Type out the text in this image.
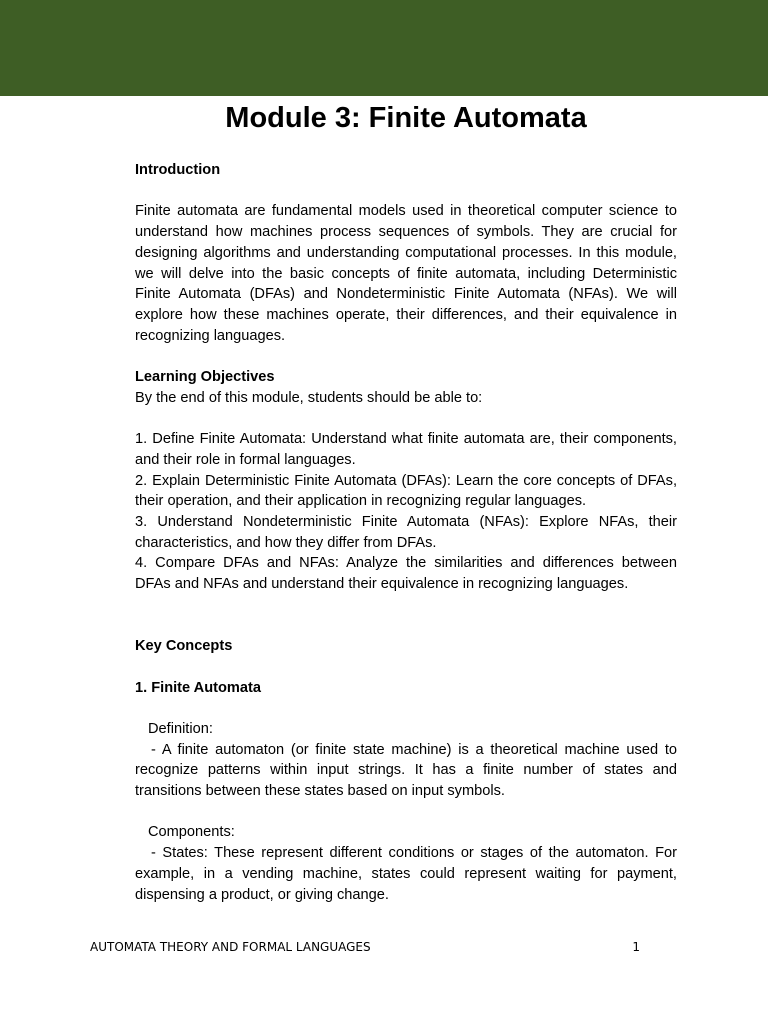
Module 3: Finite Automata

Introduction

Finite automata are fundamental models used in theoretical computer science to understand how machines process sequences of symbols. They are crucial for designing algorithms and understanding computational processes. In this module, we will delve into the basic concepts of finite automata, including Deterministic Finite Automata (DFAs) and Nondeterministic Finite Automata (NFAs). We will explore how these machines operate, their differences, and their equivalence in recognizing languages.

Learning Objectives

By the end of this module, students should be able to:

1. Define Finite Automata: Understand what finite automata are, their components, and their role in formal languages.

2. Explain Deterministic Finite Automata (DFAs): Learn the core concepts of DFAs, their operation, and their application in recognizing regular languages.

3. Understand Nondeterministic Finite Automata (NFAs): Explore NFAs, their characteristics, and how they differ from DFAs.

4. Compare DFAs and NFAs: Analyze the similarities and differences between DFAs and NFAs and understand their equivalence in recognizing languages.

Key Concepts

1. Finite Automata

Definition:

- A finite automaton (or finite state machine) is a theoretical machine used to recognize patterns within input strings. It has a finite number of states and transitions between these states based on input symbols.

Components:

- States: These represent different conditions or stages of the automaton. For example, in a vending machine, states could represent waiting for payment, dispensing a product, or giving change.

AUTOMATA THEORY AND FORMAL LANGUAGES	1
